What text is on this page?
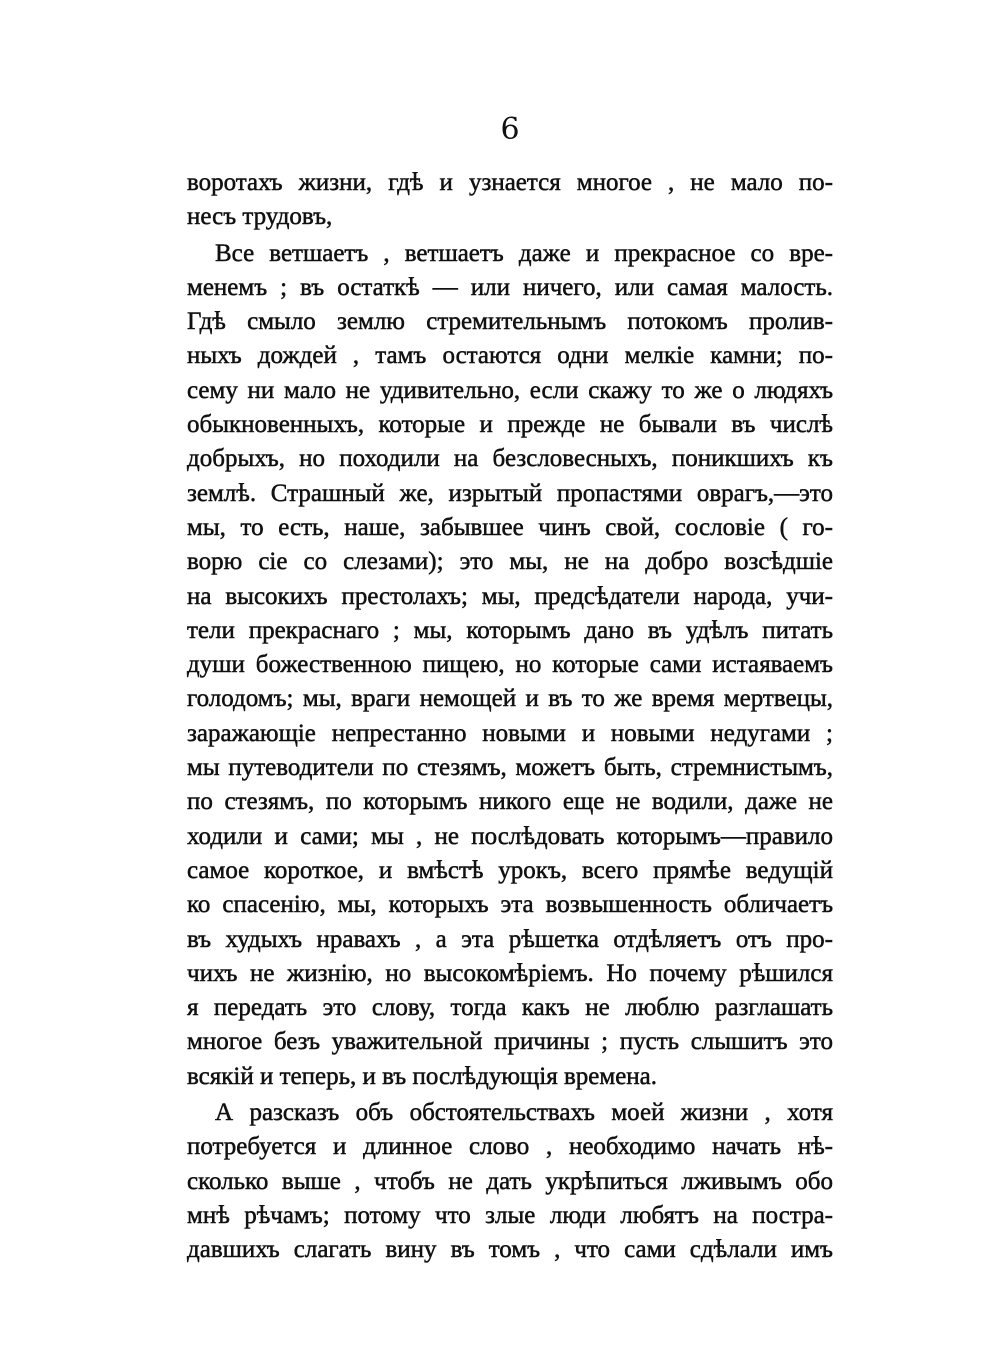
6
воротахъ жизни, гдѣ и узнается многое , не мало по-
несъ трудовъ,
Все ветшаетъ , ветшаетъ даже и прекрасное со вре-
менемъ ; въ остаткѣ — или ничего, или самая малость.
Гдѣ смыло землю стремительнымъ потокомъ пролив-
ныхъ дождей , тамъ остаются одни мелкіе камни; по-
сему ни мало не удивительно, если скажу то же о людяхъ
обыкновенныхъ, которые и прежде не бывали въ числѣ
добрыхъ, но походили на безсловесныхъ, поникшихъ къ
землѣ. Страшный же, изрытый пропастями оврагъ,—это
мы, то есть, наше, забывшее чинъ свой, сословіе ( го-
ворю сіе со слезами); это мы, не на добро возсѣдшіе
на высокихъ престолахъ; мы, предсѣдатели народа, учи-
тели прекраснаго ; мы, которымъ дано въ удѣлъ питать
души божественною пищею, но которые сами истаяваемъ
голодомъ; мы, враги немощей и въ то же время мертвецы,
заражающіе непрестанно новыми и новыми недугами ;
мы путеводители по стезямъ, можетъ быть, стремнистымъ,
по стезямъ, по которымъ никого еще не водили, даже не
ходили и сами; мы , не послѣдовать которымъ—правило
самое короткое, и вмѣстѣ урокъ, всего прямѣе ведущій
ко спасенію, мы, которыхъ эта возвышенность обличаетъ
въ худыхъ нравахъ , а эта рѣшетка отдѣляетъ отъ про-
чихъ не жизнію, но высокомѣріемъ. Но почему рѣшился
я передать это слову, тогда какъ не люблю разглашать
многое безъ уважительной причины ; пусть слышитъ это
всякій и теперь, и въ послѣдующія времена.
А разсказъ объ обстоятельствахъ моей жизни , хотя
потребуется и длинное слово , необходимо начать нѣ-
сколько выше , чтобъ не дать укрѣпиться лживымъ обо
мнѣ рѣчамъ; потому что злые люди любятъ на постра-
давшихъ слагать вину въ томъ , что сами сдѣлали имъ
